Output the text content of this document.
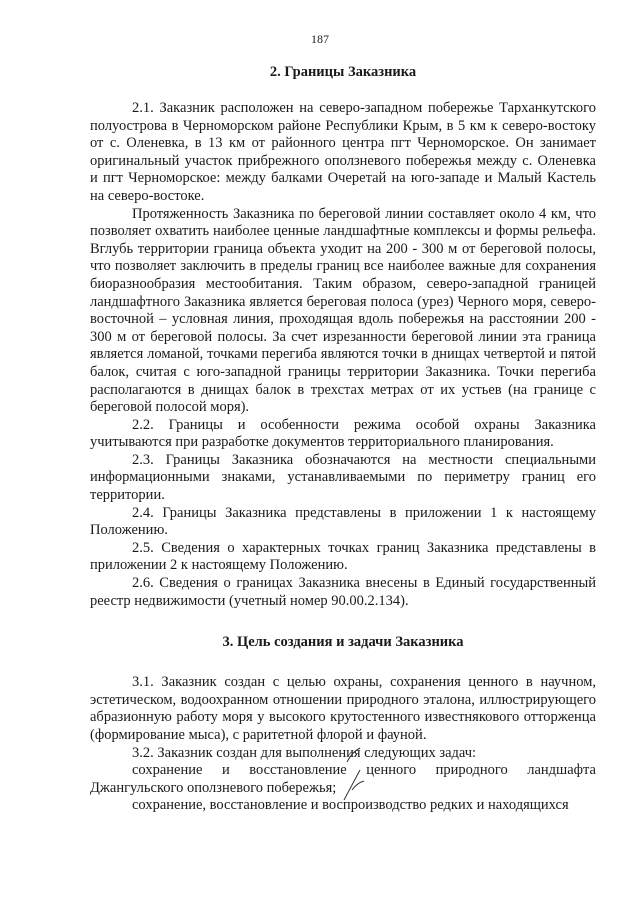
187
2. Границы Заказника

2.1. Заказник расположен на северо-западном побережье Тарханкутского полуострова в Черноморском районе Республики Крым, в 5 км к северо-востоку от с. Оленевка, в 13 км от районного центра пгт Черноморское. Он занимает оригинальный участок прибрежного оползневого побережья между с. Оленевка и пгт Черноморское: между балками Очеретай на юго-западе и Малый Кастель на северо-востоке.

Протяженность Заказника по береговой линии составляет около 4 км, что позволяет охватить наиболее ценные ландшафтные комплексы и формы рельефа. Вглубь территории граница объекта уходит на 200 - 300 м от береговой полосы, что позволяет заключить в пределы границ все наиболее важные для сохранения биоразнообразия местообитания. Таким образом, северо-западной границей ландшафтного Заказника является береговая полоса (урез) Черного моря, северо-восточной – условная линия, проходящая вдоль побережья на расстоянии 200 - 300 м от береговой полосы. За счет изрезанности береговой линии эта граница является ломаной, точками перегиба являются точки в днищах четвертой и пятой балок, считая с юго-западной границы территории Заказника. Точки перегиба располагаются в днищах балок в трехстах метрах от их устьев (на границе с береговой полосой моря).

2.2. Границы и особенности режима особой охраны Заказника учитываются при разработке документов территориального планирования.

2.3. Границы Заказника обозначаются на местности специальными информационными знаками, устанавливаемыми по периметру границ его территории.

2.4. Границы Заказника представлены в приложении 1 к настоящему Положению.

2.5. Сведения о характерных точках границ Заказника представлены в приложении 2 к настоящему Положению.

2.6. Сведения о границах Заказника внесены в Единый государственный реестр недвижимости (учетный номер 90.00.2.134).

3. Цель создания и задачи Заказника

3.1. Заказник создан с целью охраны, сохранения ценного в научном, эстетическом, водоохранном отношении природного эталона, иллюстрирующего абразионную работу моря у высокого крутостенного известнякового отторженца (формирование мыса), с раритетной флорой и фауной.

3.2. Заказник создан для выполнения следующих задач:

сохранение и восстановление ценного природного ландшафта Джангульского оползневого побережья;

сохранение, восстановление и воспроизводство редких и находящихся
